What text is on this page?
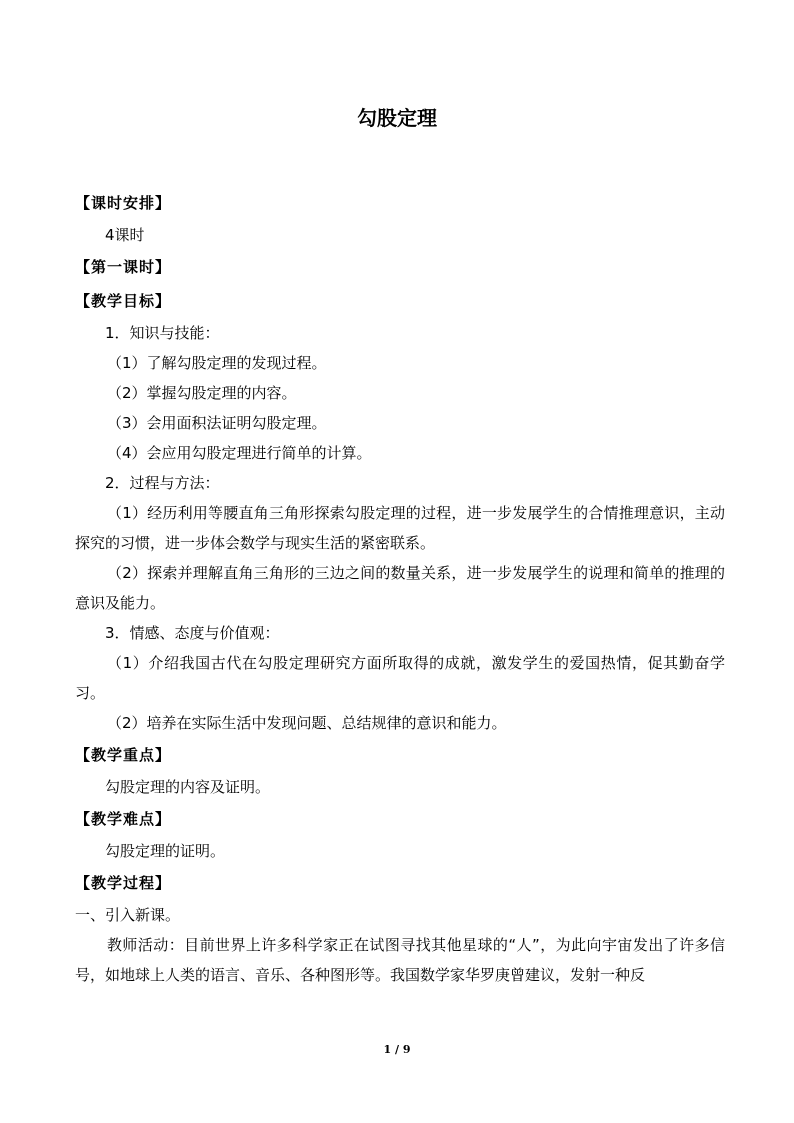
勾股定理

【课时安排】

4课时

【第一课时】

【教学目标】

1．知识与技能：

（1）了解勾股定理的发现过程。

（2）掌握勾股定理的内容。

（3）会用面积法证明勾股定理。

（4）会应用勾股定理进行简单的计算。

2．过程与方法：

（1）经历利用等腰直角三角形探索勾股定理的过程，进一步发展学生的合情推理意识，主动探究的习惯，进一步体会数学与现实生活的紧密联系。

（2）探索并理解直角三角形的三边之间的数量关系，进一步发展学生的说理和简单的推理的意识及能力。

3．情感、态度与价值观：

（1）介绍我国古代在勾股定理研究方面所取得的成就，激发学生的爱国热情，促其勤奋学习。

（2）培养在实际生活中发现问题、总结规律的意识和能力。

【教学重点】

勾股定理的内容及证明。

【教学难点】

勾股定理的证明。

【教学过程】

一、引入新课。

教师活动：目前世界上许多科学家正在试图寻找其他星球的“人”，为此向宇宙发出了许多信号，如地球上人类的语言、音乐、各种图形等。我国数学家华罗庚曾建议，发射一种反

1 / 9
